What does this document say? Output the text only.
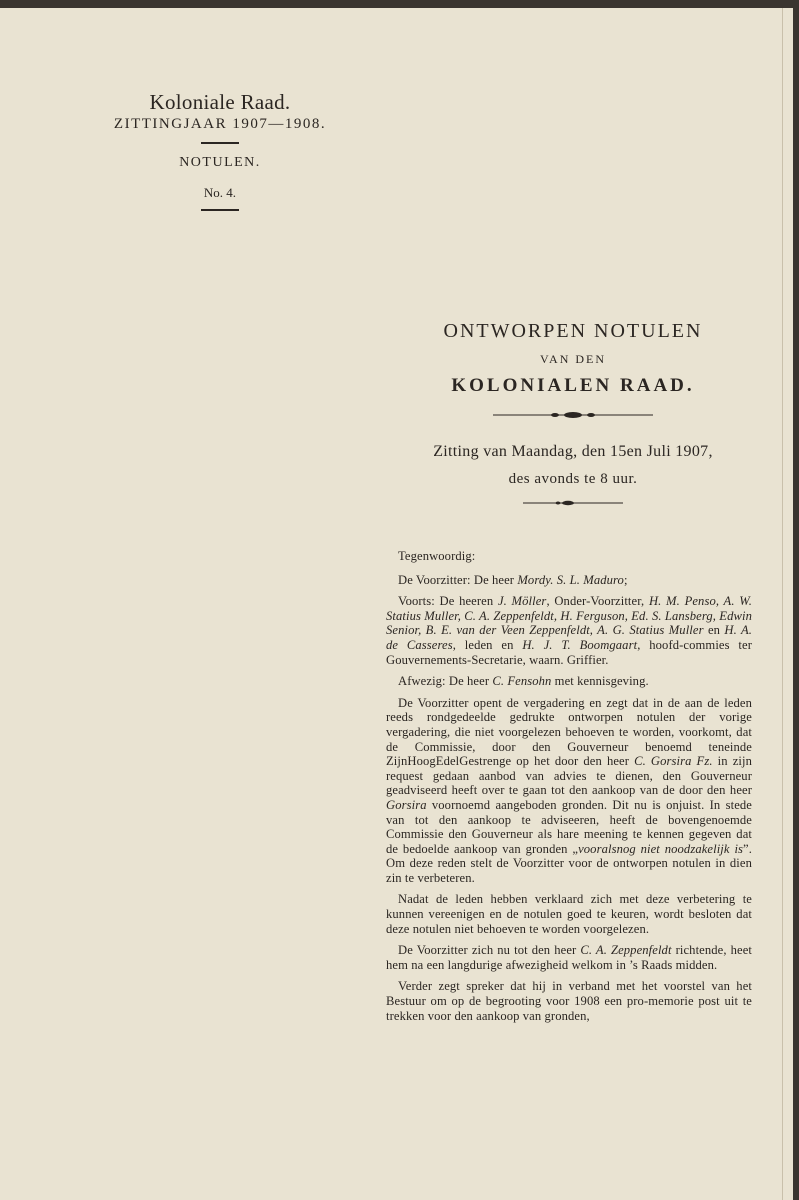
Koloniale Raad.
ZITTINGJAAR 1907—1908.
NOTULEN.
No. 4.
ONTWORPEN NOTULEN
VAN DEN
KOLONIALEN RAAD.
Zitting van Maandag, den 15en Juli 1907,
des avonds te 8 uur.

Tegenwoordig:

De Voorzitter: De heer Mordy. S. L. Maduro;

Voorts: De heeren J. Möller, Onder-Voorzitter, H. M. Penso, A. W. Statius Muller, C. A. Zeppenfeldt, H. Ferguson, Ed. S. Lansberg, Edwin Senior, B. E. van der Veen Zeppenfeldt, A. G. Statius Muller en H. A. de Casseres, leden en H. J. T. Boomgaart, hoofd-commies ter Gouvernements-Secretarie, waarn. Griffier.

Afwezig: De heer C. Fensohn met kennisgeving.

De Voorzitter opent de vergadering en zegt dat in de aan de leden reeds rondgedeelde gedrukte ontworpen notulen der vorige vergadering, die niet voorgelezen behoeven te worden, voorkomt, dat de Commissie, door den Gouverneur benoemd teneinde ZijnHoogEdelGestrenge op het door den heer C. Gorsira Fz. in zijn request gedaan aanbod van advies te dienen, den Gouverneur geadviseerd heeft over te gaan tot den aankoop van de door den heer Gorsira voornoemd aangeboden gronden. Dit nu is onjuist. In stede van tot den aankoop te adviseeren, heeft de bovengenoemde Commissie den Gouverneur als hare meening te kennen gegeven dat de bedoelde aankoop van gronden „vooralsnog niet noodzakelijk is”. Om deze reden stelt de Voorzitter voor de ontworpen notulen in dien zin te verbeteren.

Nadat de leden hebben verklaard zich met deze verbetering te kunnen vereenigen en de notulen goed te keuren, wordt besloten dat deze notulen niet behoeven te worden voorgelezen.

De Voorzitter zich nu tot den heer C. A. Zeppenfeldt richtende, heet hem na een langdurige afwezigheid welkom in ’s Raads midden.

Verder zegt spreker dat hij in verband met het voorstel van het Bestuur om op de begrooting voor 1908 een pro-memorie post uit te trekken voor den aankoop van gronden,
